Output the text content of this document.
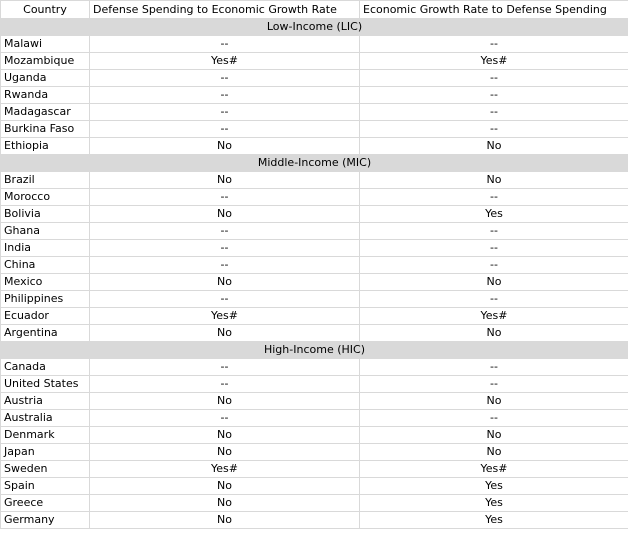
Country	Defense Spending to Economic Growth Rate	Economic Growth Rate to Defense Spending
Low-Income (LIC)		
Malawi	--	--
Mozambique	Yes#	Yes#
Uganda	--	--
Rwanda	--	--
Madagascar	--	--
Burkina Faso	--	--
Ethiopia	No	No
Middle-Income (MIC)		
Brazil	No	No
Morocco	--	--
Bolivia	No	Yes
Ghana	--	--
India	--	--
China	--	--
Mexico	No	No
Philippines	--	--
Ecuador	Yes#	Yes#
Argentina	No	No
High-Income (HIC)		
Canada	--	--
United States	--	--
Austria	No	No
Australia	--	--
Denmark	No	No
Japan	No	No
Sweden	Yes#	Yes#
Spain	No	Yes
Greece	No	Yes
Germany	No	Yes
